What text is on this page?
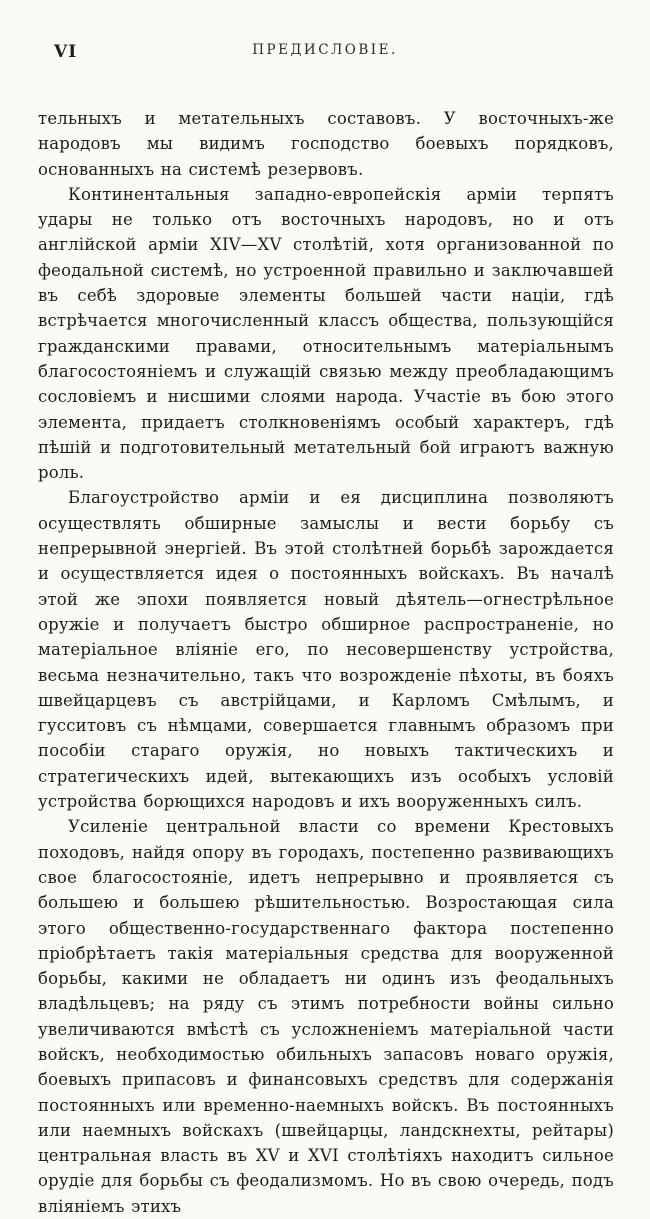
VI	ПРЕДИСЛОВІЕ.

тельныхъ и метательныхъ составовъ. У восточныхъ-же народовъ мы видимъ господство боевыхъ порядковъ, основанныхъ на системѣ резервовъ.

Континентальныя западно-европейскія арміи терпятъ удары не только отъ восточныхъ народовъ, но и отъ англійской арміи XIV—XV столѣтій, хотя организованной по феодальной системѣ, но устроенной правильно и заключавшей въ себѣ здоровые элементы большей части націи, гдѣ встрѣчается многочисленный классъ общества, пользующійся гражданскими правами, относительнымъ матеріальнымъ благосостояніемъ и служащій связью между преобладающимъ сословіемъ и нисшими слоями народа. Участіе въ бою этого элемента, придаетъ столкновеніямъ особый характеръ, гдѣ пѣшій и подготовительный метательный бой играютъ важную роль.

Благоустройство арміи и ея дисциплина позволяютъ осуществлять обширные замыслы и вести борьбу съ непрерывной энергіей. Въ этой столѣтней борьбѣ зарождается и осуществляется идея о постоянныхъ войскахъ. Въ началѣ этой же эпохи появляется новый дѣятель—огнестрѣльное оружіе и получаетъ быстро обширное распространеніе, но матеріальное вліяніе его, по несовершенству устройства, весьма незначительно, такъ что возрожденіе пѣхоты, въ бояхъ швейцарцевъ съ австрійцами, и Карломъ Смѣлымъ, и гусситовъ съ нѣмцами, совершается главнымъ образомъ при пособіи стараго оружія, но новыхъ тактическихъ и стратегическихъ идей, вытекающихъ изъ особыхъ условій устройства борющихся народовъ и ихъ вооруженныхъ силъ.

Усиленіе центральной власти со времени Крестовыхъ походовъ, найдя опору въ городахъ, постепенно развивающихъ свое благосостояніе, идетъ непрерывно и проявляется съ большею и большею рѣшительностью. Возростающая сила этого общественно-государственнаго фактора постепенно пріобрѣтаетъ такія матеріальныя средства для вооруженной борьбы, какими не обладаетъ ни одинъ изъ феодальныхъ владѣльцевъ; на ряду съ этимъ потребности войны сильно увеличиваются вмѣстѣ съ усложненіемъ матеріальной части войскъ, необходимостью обильныхъ запасовъ новаго оружія, боевыхъ припасовъ и финансовыхъ средствъ для содержанія постоянныхъ или временно-наемныхъ войскъ. Въ постоянныхъ или наемныхъ войскахъ (швейцарцы, ландскнехты, рейтары) центральная власть въ XV и XVI столѣтіяхъ находитъ сильное орудіе для борьбы съ феодализмомъ. Но въ свою очередь, подъ вліяніемъ этихъ
